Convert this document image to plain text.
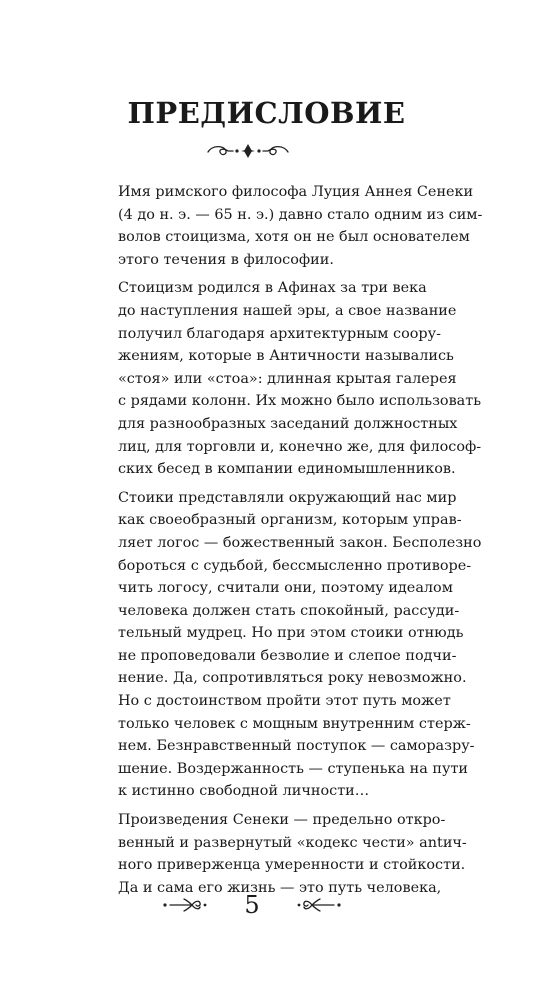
ПРЕДИСЛОВИЕ

Имя римского философа Луция Аннея Сенеки
(4 до н. э. — 65 н. э.) давно стало одним из сим-
волов стоицизма, хотя он не был основателем
этого течения в философии.

Стоицизм родился в Афинах за три века
до наступления нашей эры, а свое название
получил благодаря архитектурным соору-
жениям, которые в Античности назывались
«стоя» или «стоа»: длинная крытая галерея
с рядами колонн. Их можно было использовать
для разнообразных заседаний должностных
лиц, для торговли и, конечно же, для философ-
ских бесед в компании единомышленников.

Стоики представляли окружающий нас мир
как своеобразный организм, которым управ-
ляет логос — божественный закон. Бесполезно
бороться с судьбой, бессмысленно противоре-
чить логосу, считали они, поэтому идеалом
человека должен стать спокойный, рассуди-
тельный мудрец. Но при этом стоики отнюдь
не проповедовали безволие и слепое подчи-
нение. Да, сопротивляться року невозможно.
Но с достоинством пройти этот путь может
только человек с мощным внутренним стерж-
нем. Безнравственный поступок — саморазру-
шение. Воздержанность — ступенька на пути
к истинно свободной личности…

Произведения Сенеки — предельно откро-
венный и развернутый «кодекс чести» antич-
ного приверженца умеренности и стойкости.
Да и сама его жизнь — это путь человека,

5
